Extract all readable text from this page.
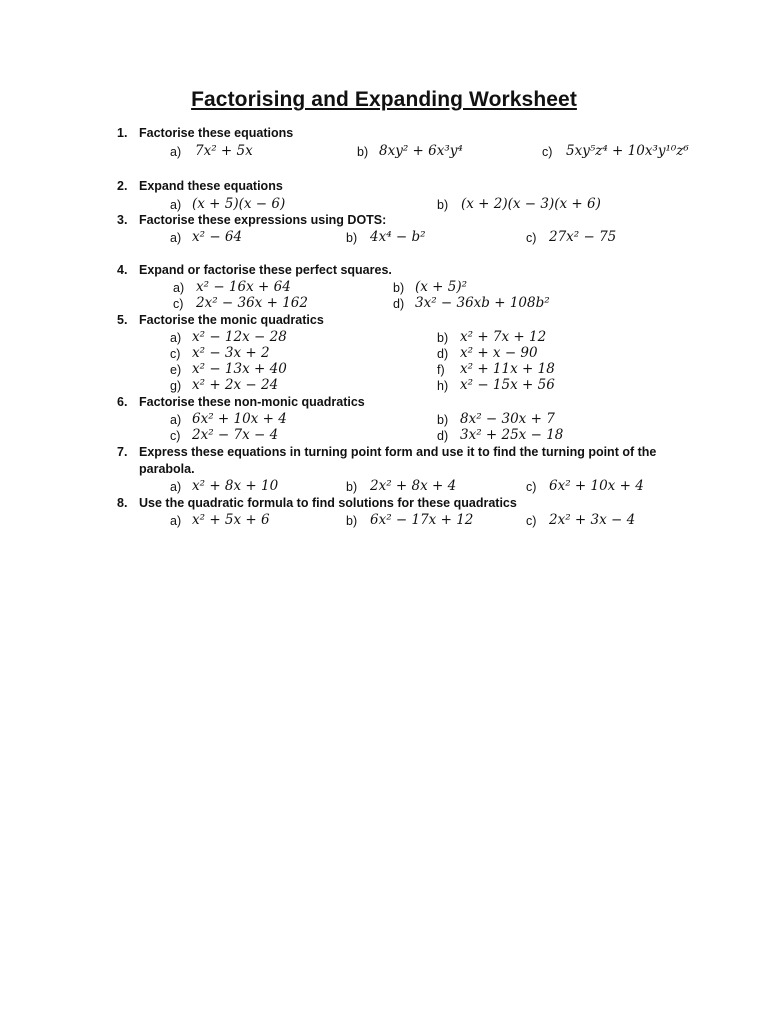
Factorising and Expanding Worksheet
1. Factorise these equations
a) 7x² + 5x	b) 8xy² + 6x³y⁴	c) 5xy⁵z⁴ + 10x³y¹⁰z⁶
2. Expand these equations
a) (x + 5)(x − 6)	b) (x + 2)(x − 3)(x + 6)
3. Factorise these expressions using DOTS:
a) x² − 64	b) 4x⁴ − b²	c) 27x² − 75
4. Expand or factorise these perfect squares.
a) x² − 16x + 64	b) (x + 5)²
c) 2x² − 36x + 162	d) 3x² − 36xb + 108b²
5. Factorise the monic quadratics
a) x² − 12x − 28	b) x² + 7x + 12
c) x² − 3x + 2	d) x² + x − 90
e) x² − 13x + 40	f) x² + 11x + 18
g) x² + 2x − 24	h) x² − 15x + 56
6. Factorise these non-monic quadratics
a) 6x² + 10x + 4	b) 8x² − 30x + 7
c) 2x² − 7x − 4	d) 3x² + 25x − 18
7. Express these equations in turning point form and use it to find the turning point of the
parabola.
a) x² + 8x + 10	b) 2x² + 8x + 4	c) 6x² + 10x + 4
8. Use the quadratic formula to find solutions for these quadratics
a) x² + 5x + 6	b) 6x² − 17x + 12	c) 2x² + 3x − 4
